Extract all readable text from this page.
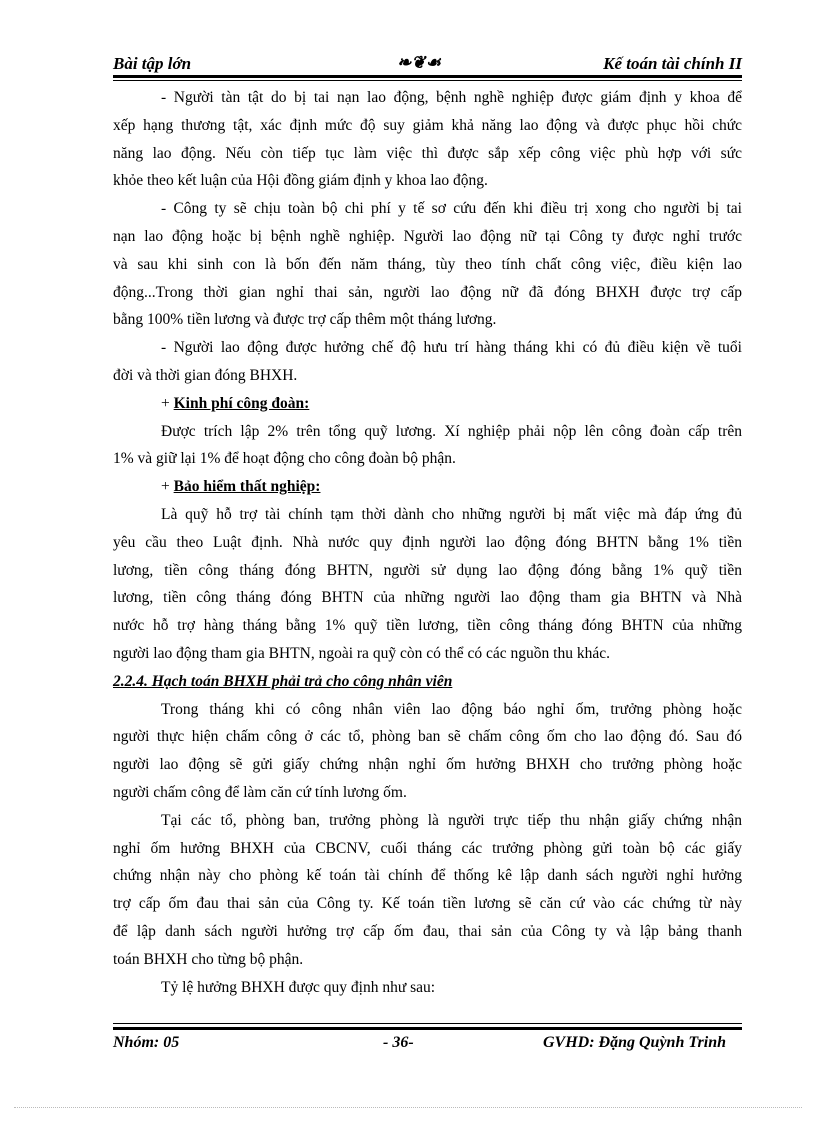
Bài tập lớn	❧❦☙	Kế toán tài chính II

- Người tàn tật do bị tai nạn lao động, bệnh nghề nghiệp được giám định y khoa để

xếp hạng thương tật, xác định mức độ suy giảm khả năng lao động và được phục hồi chức

năng lao động. Nếu còn tiếp tục làm việc thì được sắp xếp công việc phù hợp với sức

khỏe theo kết luận của Hội đồng giám định y khoa lao động.

- Công ty sẽ chịu toàn bộ chi phí y tế sơ cứu đến khi điều trị xong cho người bị tai

nạn lao động hoặc bị bệnh nghề nghiệp. Người lao động nữ tại Công ty được nghỉ trước

và sau khi sinh con là bốn đến năm tháng, tùy theo tính chất công việc, điều kiện lao

động...Trong thời gian nghỉ thai sản, người lao động nữ đã đóng BHXH được trợ cấp

bằng 100% tiền lương và được trợ cấp thêm một tháng lương.

- Người lao động được hưởng chế độ hưu trí hàng tháng khi có đủ điều kiện về tuổi

đời và thời gian đóng BHXH.

+ Kinh phí công đoàn:

Được trích lập 2% trên tổng quỹ lương. Xí nghiệp phải nộp lên công đoàn cấp trên

1% và giữ lại 1% để hoạt động cho công đoàn bộ phận.

+ Bảo hiểm thất nghiệp:

Là quỹ hỗ trợ tài chính tạm thời dành cho những người bị mất việc mà đáp ứng đủ

yêu cầu theo Luật định. Nhà nước quy định người lao động đóng BHTN bằng 1% tiền

lương, tiền công tháng đóng BHTN, người sử dụng lao động đóng bằng 1% quỹ tiền

lương, tiền công tháng đóng BHTN của những người lao động tham gia BHTN và Nhà

nước hỗ trợ hàng tháng bằng 1% quỹ tiền lương, tiền công tháng đóng BHTN của những

người lao động tham gia BHTN, ngoài ra quỹ còn có thể có các nguồn thu khác.

2.2.4. Hạch toán BHXH phải trả cho công nhân viên

Trong tháng khi có công nhân viên lao động báo nghỉ ốm, trưởng phòng hoặc

người thực hiện chấm công ở các tổ, phòng ban sẽ chấm công ốm cho lao động đó. Sau đó

người lao động sẽ gửi giấy chứng nhận nghỉ ốm hưởng BHXH cho trưởng phòng hoặc

người chấm công để làm căn cứ tính lương ốm.

Tại các tổ, phòng ban, trưởng phòng là người trực tiếp thu nhận giấy chứng nhận

nghỉ ốm hưởng BHXH của CBCNV, cuối tháng các trưởng phòng gửi toàn bộ các giấy

chứng nhận này cho phòng kế toán tài chính để thống kê lập danh sách người nghỉ hưởng

trợ cấp ốm đau thai sản của Công ty. Kế toán tiền lương sẽ căn cứ vào các chứng từ này

để lập danh sách người hưởng trợ cấp ốm đau, thai sản của Công ty và lập bảng thanh

toán BHXH cho từng bộ phận.

Tỷ lệ hưởng BHXH được quy định như sau:

Nhóm: 05	- 36-	GVHD: Đặng Quỳnh Trinh
